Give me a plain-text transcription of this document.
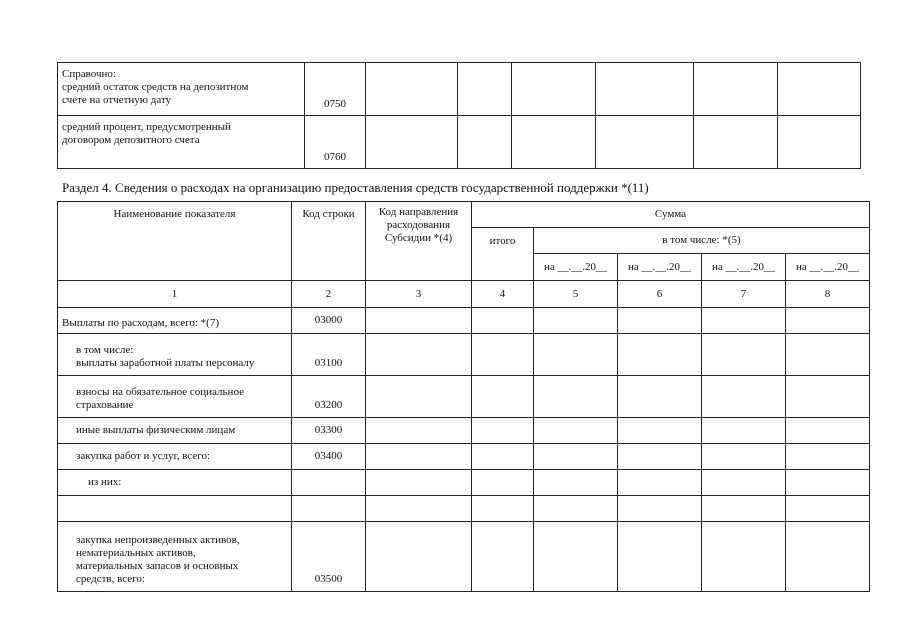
Справочно:
средний остаток средств на депозитном
счете на отчетную дату	0750						
средний процент, предусмотренный
договором депозитного счета	0760						
Раздел 4. Сведения о расходах на организацию предоставления средств государственной поддержки *(11)
Наименование показателя	Код строки	Код направления расходования Субсидии *(4)	Сумма				
			итого	в том числе: *(5)			
				на __.__.20__	на __.__.20__	на __.__.20__	на __.__.20__
1	2	3	4	5	6	7	8
Выплаты по расходам, всего: *(7)	03000						
в том числе:
выплаты заработной платы персоналу	03100						
взносы на обязательное социальное
страхование	03200						
иные выплаты физическим лицам	03300						
закупка работ и услуг, всего:	03400						
из них:							

закупка непроизведенных активов,
нематериальных активов,
материальных запасов и основных
средств, всего:	03500						
